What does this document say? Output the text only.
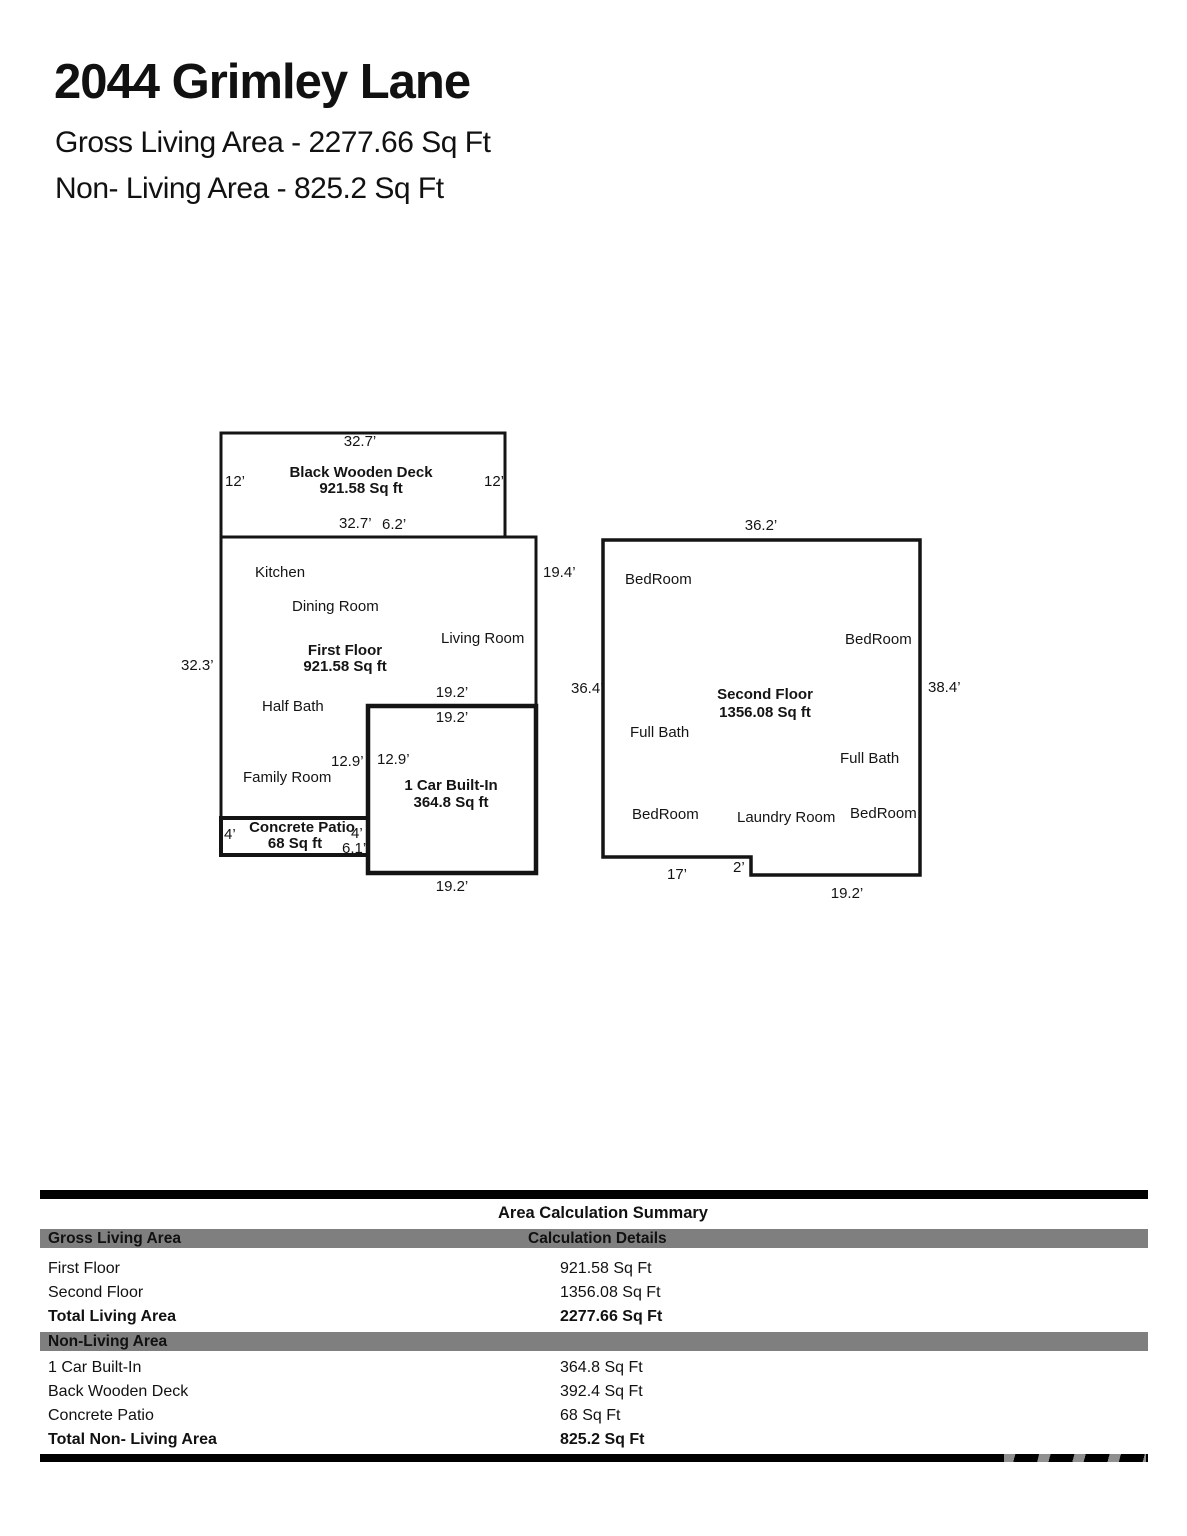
2044 Grimley Lane
Gross Living Area - 2277.66 Sq Ft
Non- Living Area - 825.2 Sq Ft
32.7’
Black Wooden Deck
921.58 Sq ft
12’	12’
32.7’ 6.2’
Kitchen
Dining Room
Living Room
First Floor
921.58 Sq ft
32.3’
19.4’
19.2’
19.2’
Half Bath
12.9’
Family Room
12.9’
1 Car Built-In
364.8 Sq ft
19.2’
4’ Concrete Patio
68 Sq ft
4’
6.1’
36.2’
BedRoom
BedRoom
Second Floor
1356.08 Sq ft
36.4’	38.4’
Full Bath
Full Bath
BedRoom	Laundry Room BedRoom
17’	2’
19.2’
Area Calculation Summary
Gross Living Area	Calculation Details
First Floor	921.58 Sq Ft
Second Floor	1356.08 Sq Ft
Total Living Area	2277.66 Sq Ft
Non-Living Area
1 Car Built-In	364.8 Sq Ft
Back Wooden Deck	392.4 Sq Ft
Concrete Patio	68 Sq Ft
Total Non- Living Area	825.2 Sq Ft
